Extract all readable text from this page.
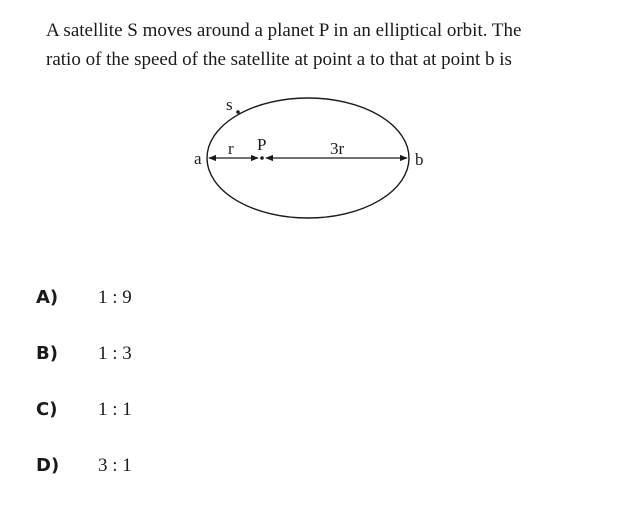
A satellite S moves around a planet P in an elliptical orbit. The
ratio of the speed of the satellite at point a to that at point b is
s
a
r P	3r
b
A) 1 : 9
B) 1 : 3
C) 1 : 1
D) 3 : 1
